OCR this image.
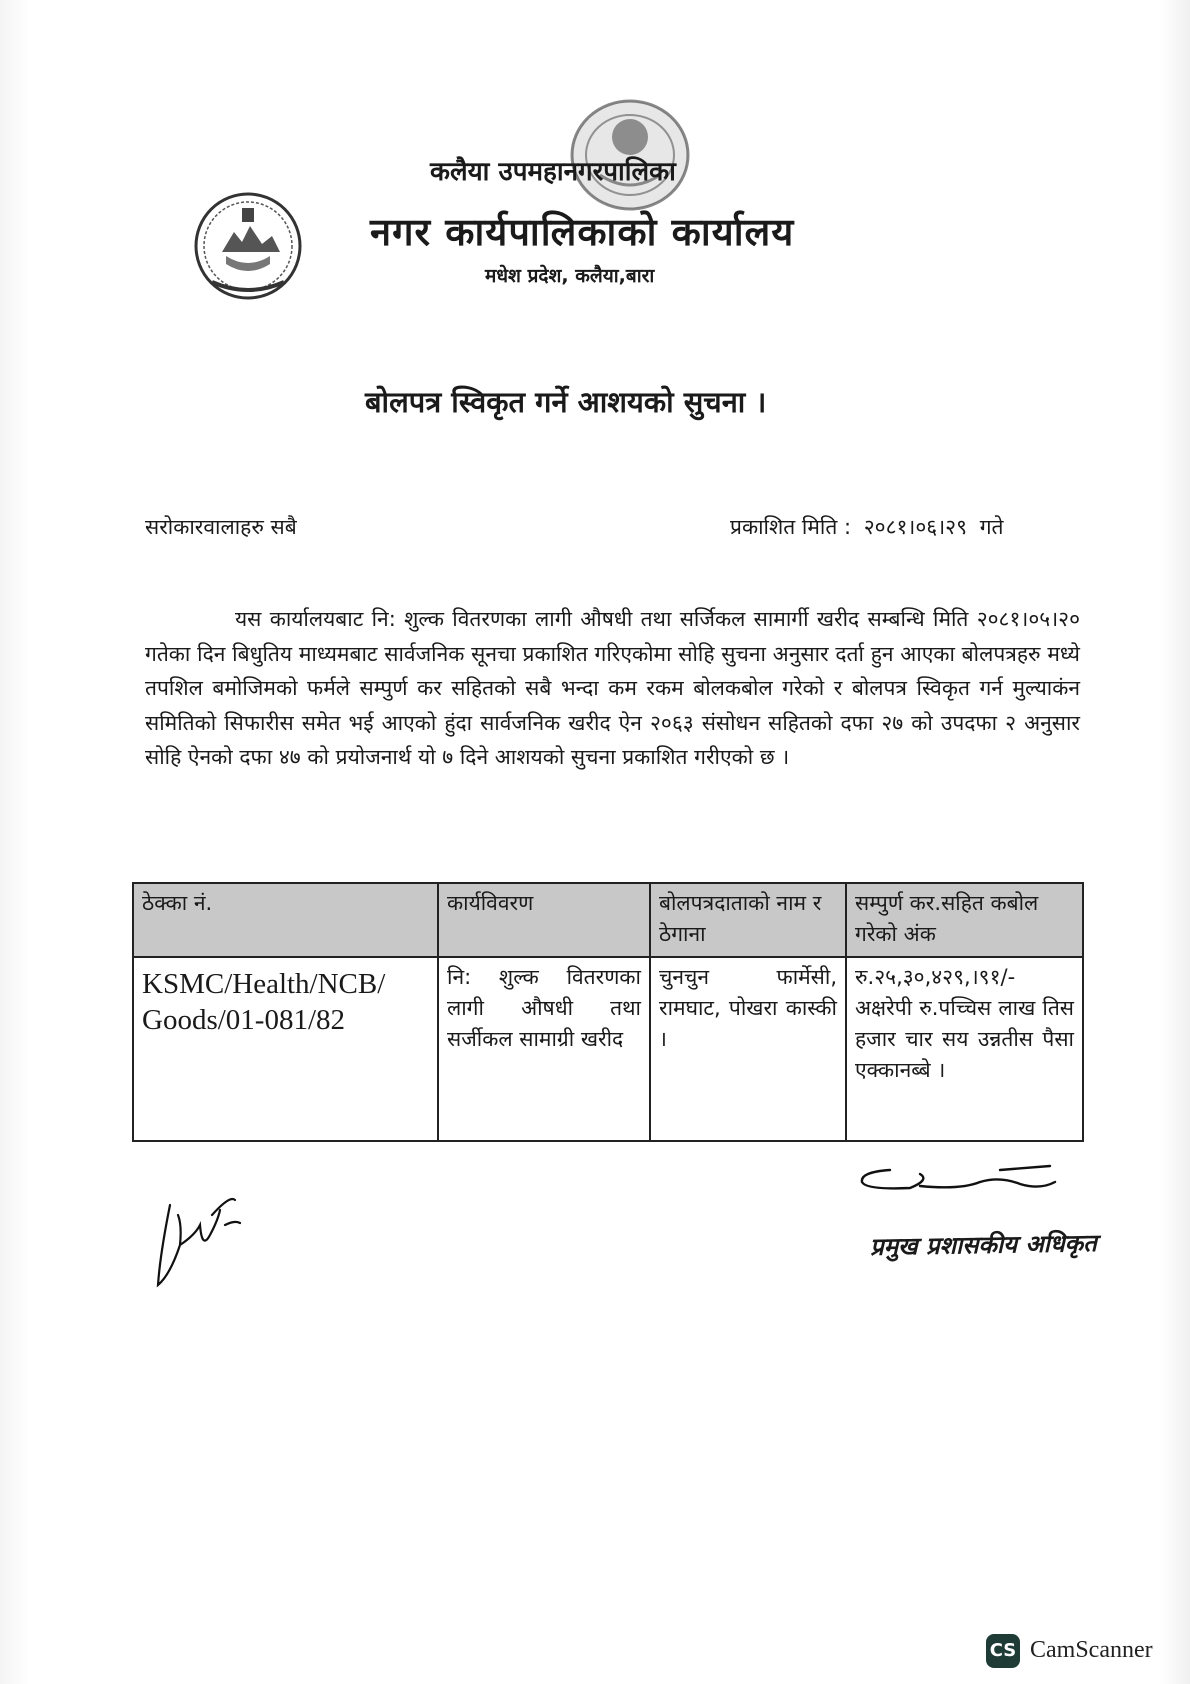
कलैया उपमहानगरपालिका
नगर कार्यपालिकाको कार्यालय
मधेश प्रदेश, कलैया,बारा
बोलपत्र स्विकृत गर्ने आशयको सुचना ।
सरोकारवालाहरु सबै	प्रकाशित मिति : २०८१।०६।२९ गते
यस कार्यालयबाट नि: शुल्क वितरणका लागी औषधी तथा सर्जिकल सामार्गी खरीद सम्बन्धि मिति २०८१।०५।२० गतेका दिन बिधुतिय माध्यमबाट सार्वजनिक सूनचा प्रकाशित गरिएकोमा सोहि सुचना अनुसार दर्ता हुन आएका बोलपत्रहरु मध्ये तपशिल बमोजिमको फर्मले सम्पुर्ण कर सहितको सबै भन्दा कम रकम बोलकबोल गरेको र बोलपत्र स्विकृत गर्न मुल्याकंन समितिको सिफारीस समेत भई आएको हुंदा सार्वजनिक खरीद ऐन २०६३ संसोधन सहितको दफा २७ को उपदफा २ अनुसार सोहि ऐनको दफा ४७ को प्रयोजनार्थ यो ७ दिने आशयको सुचना प्रकाशित गरीएको छ ।
ठेक्का नं.	कार्यविवरण	बोलपत्रदाताको नाम र ठेगाना	सम्पुर्ण कर.सहित कबोल गरेको अंक
KSMC/Health/NCB/ Goods/01-081/82	नि: शुल्क वितरणका लागी औषधी तथा सर्जीकल सामाग्री खरीद	चुनचुन फार्मेसी, रामघाट, पोखरा कास्की ।	रु.२५,३०,४२९,।९१/- अक्षरेपी रु.पच्चिस लाख तिस हजार चार सय उन्नतीस पैसा एक्कानब्बे ।
प्रमुख प्रशासकीय अधिकृत
CS CamScanner
